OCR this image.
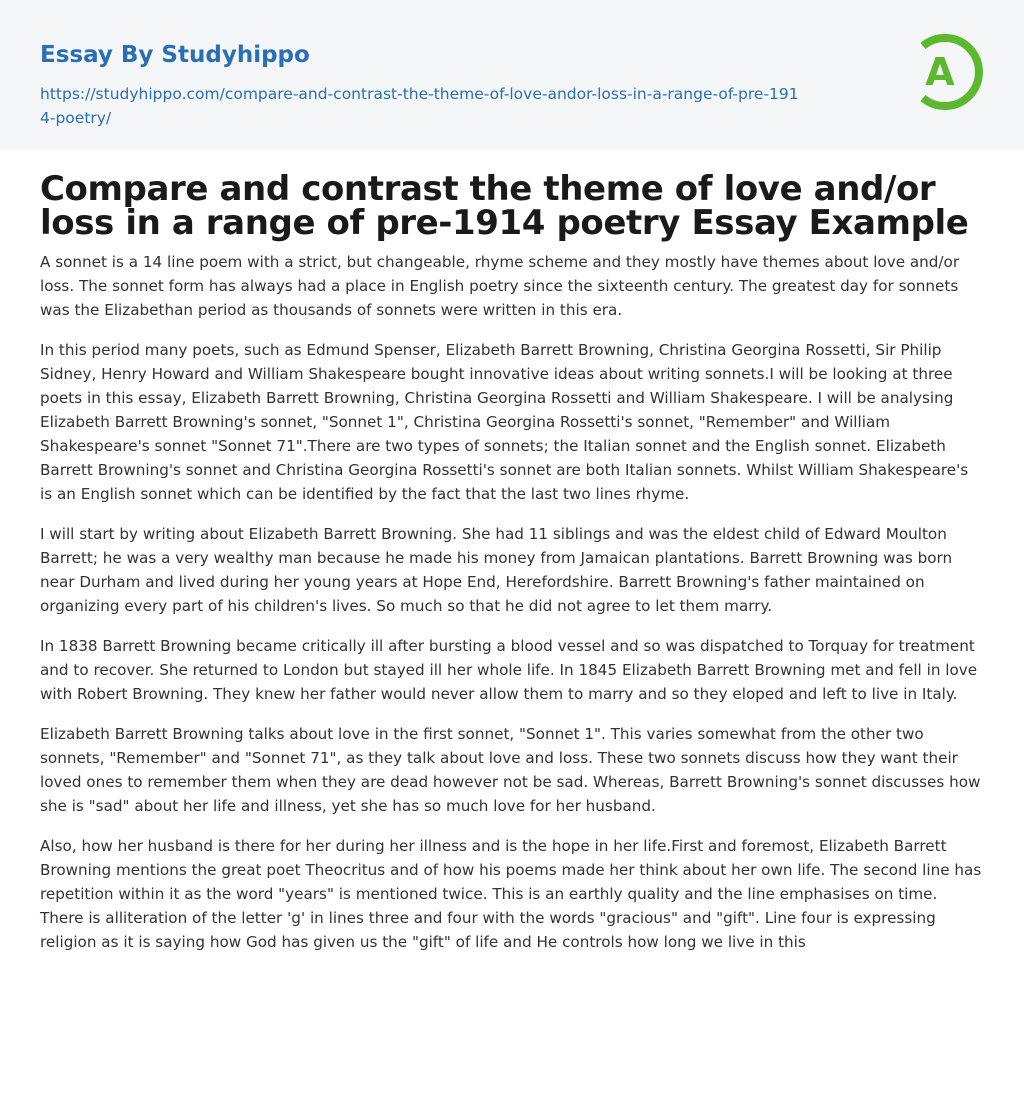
Essay By Studyhippo
https://studyhippo.com/compare-and-contrast-the-theme-of-love-andor-loss-in-a-range-of-pre-1914-poetry/
A
Compare and contrast the theme of love and/or loss in a range of pre-1914 poetry Essay Example

A sonnet is a 14 line poem with a strict, but changeable, rhyme scheme and they mostly have themes about love and/or loss. The sonnet form has always had a place in English poetry since the sixteenth century. The greatest day for sonnets was the Elizabethan period as thousands of sonnets were written in this era.

In this period many poets, such as Edmund Spenser, Elizabeth Barrett Browning, Christina Georgina Rossetti, Sir Philip Sidney, Henry Howard and William Shakespeare bought innovative ideas about writing sonnets.I will be looking at three poets in this essay, Elizabeth Barrett Browning, Christina Georgina Rossetti and William Shakespeare. I will be analysing Elizabeth Barrett Browning's sonnet, "Sonnet 1", Christina Georgina Rossetti's sonnet, "Remember" and William Shakespeare's sonnet "Sonnet 71".There are two types of sonnets; the Italian sonnet and the English sonnet. Elizabeth Barrett Browning's sonnet and Christina Georgina Rossetti's sonnet are both Italian sonnets. Whilst William Shakespeare's is an English sonnet which can be identified by the fact that the last two lines rhyme.

I will start by writing about Elizabeth Barrett Browning. She had 11 siblings and was the eldest child of Edward Moulton Barrett; he was a very wealthy man because he made his money from Jamaican plantations. Barrett Browning was born near Durham and lived during her young years at Hope End, Herefordshire. Barrett Browning's father maintained on organizing every part of his children's lives. So much so that he did not agree to let them marry.

In 1838 Barrett Browning became critically ill after bursting a blood vessel and so was dispatched to Torquay for treatment and to recover. She returned to London but stayed ill her whole life. In 1845 Elizabeth Barrett Browning met and fell in love with Robert Browning. They knew her father would never allow them to marry and so they eloped and left to live in Italy.

Elizabeth Barrett Browning talks about love in the first sonnet, "Sonnet 1". This varies somewhat from the other two sonnets, "Remember" and "Sonnet 71", as they talk about love and loss. These two sonnets discuss how they want their loved ones to remember them when they are dead however not be sad. Whereas, Barrett Browning's sonnet discusses how she is "sad" about her life and illness, yet she has so much love for her husband.

Also, how her husband is there for her during her illness and is the hope in her life.First and foremost, Elizabeth Barrett Browning mentions the great poet Theocritus and of how his poems made her think about her own life. The second line has repetition within it as the word "years" is mentioned twice. This is an earthly quality and the line emphasises on time. There is alliteration of the letter 'g' in lines three and four with the words "gracious" and "gift". Line four is expressing religion as it is saying how God has given us the "gift" of life and He controls how long we live in this
